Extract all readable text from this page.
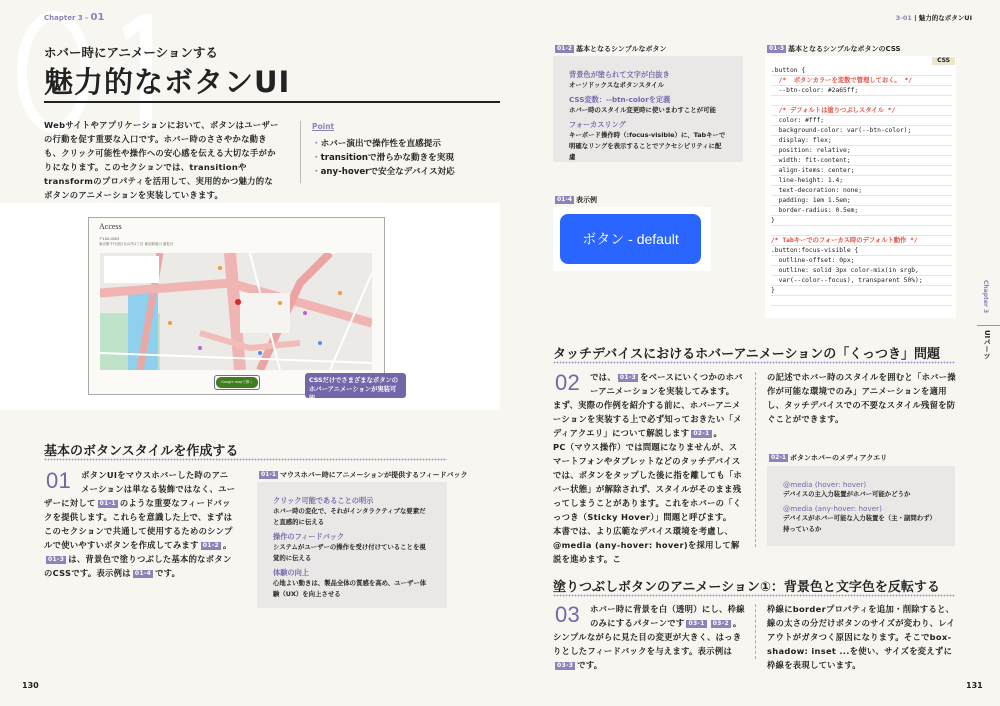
Chapter 3 - 01
ホバー時にアニメーションする
魅力的なボタンUI
Webサイトやアプリケーションにおいて、ボタンはユーザーの行動を促す重要な入口です。ホバー時のささやかな動きも、クリック可能性や操作への安心感を伝える大切な手がかりになります。このセクションでは、transitionやtransformのプロパティを活用して、実用的かつ魅力的なボタンのアニメーションを実装していきます。
Point
・ ホバー演出で操作性を直感提示
・ transitionで滑らかな動きを実現
・ any-hoverで安全なデバイス対応
Access
〒100-0005
東京都千代田区丸の内1丁目 東京駅南口 改札付
Google mapで開く	CSSだけでさまざまなボタンのホバーアニメーションが実装可能
基本のボタンスタイルを作成する
01 ボタンUIをマウスホバーした時のアニメーションは単なる装飾ではなく、ユーザーに対して 01-1 のような重要なフィードバックを提供します。これらを意識した上で、まずはこのセクションで共通して使用するためのシンプルで使いやすいボタンを作成してみます 01-2 。
01-3 は、背景色で塗りつぶした基本的なボタンのCSSです。表示例は 01-4 です。
01-1 マウスホバー時にアニメーションが提供するフィードバック
クリック可能であることの明示
ホバー時の変化で、それがインタラクティブな要素だと直感的に伝える
操作のフィードバック
システムがユーザーの操作を受け付けていることを視覚的に伝える
体験の向上
心地よい動きは、製品全体の質感を高め、ユーザー体験（UX）を向上させる
130
3-01 | 魅力的なボタンUI
01-2 基本となるシンプルなボタン
背景色が塗られて文字が白抜き
オーソドックスなボタンスタイル
CSS変数：--btn-colorを定義
ホバー時のスタイル変更時に使いまわすことが可能
フォーカスリング
キーボード操作時（:focus-visible）に、Tabキーで明確なリングを表示することでアクセシビリティに配慮
01-4 表示例
ボタン - default
01-3 基本となるシンプルなボタンのCSS
CSS
.button {
/*  ボタンカラーを変数で管理しておく。 */
--btn-color: #2a65ff;
/* デフォルトは塗りつぶしスタイル */
color: #fff;
background-color: var(--btn-color);
display: flex;
position: relative;
width: fit-content;
align-items: center;
line-height: 1.4;
text-decoration: none;
padding: 1em 1.5em;
border-radius: 0.5em;
}
/* Tabキーでのフォーカス時のデフォルト動作 */
.button:focus-visible {
outline-offset: 0px;
outline: solid 3px color-mix(in srgb,
var(--color--focus), transparent 50%);
}	Chapter 3
UIパーツ
タッチデバイスにおけるホバーアニメーションの「くっつき」問題
02 では、 01-3 をベースにいくつかのホバーアニメーションを実装してみます。
まず、実際の作例を紹介する前に、ホバーアニメーションを実装する上で必ず知っておきたい「メディアクエリ」について解説します 02-1 。
PC（マウス操作）では問題になりませんが、スマートフォンやタブレットなどのタッチデバイスでは、ボタンをタップした後に指を離しても「ホバー状態」が解除されず、スタイルがそのまま残ってしまうことがあります。これをホバーの「くっつき（Sticky Hover）」問題と呼びます。
本書では、より広範なデバイス環境を考慮し、@media (any-hover: hover)を採用して解説を進めます。こ
の記述でホバー時のスタイルを囲むと「ホバー操作が可能な環境でのみ」アニメーションを適用し、タッチデバイスでの不要なスタイル残留を防ぐことができます。
02-1 ボタンホバーのメディアクエリ
@media (hover: hover)
デバイスの主入力装置がホバー可能かどうか
@media (any-hover: hover)
デバイスがホバー可能な入力装置を（主・副問わず）持っているか
塗りつぶしボタンのアニメーション①：背景色と文字色を反転する
03 ホバー時に背景を白（透明）にし、枠線のみにするパターンです 03-1 03-2 。シンプルながらに見た目の変更が大きく、はっきりとしたフィードバックを与えます。表示例は03-3 です。
枠線にborderプロパティを追加・削除すると、線の太さの分だけボタンのサイズが変わり、レイアウトがガタつく原因になります。そこでbox-shadow: inset ...を使い、サイズを変えずに枠線を表現しています。
131
